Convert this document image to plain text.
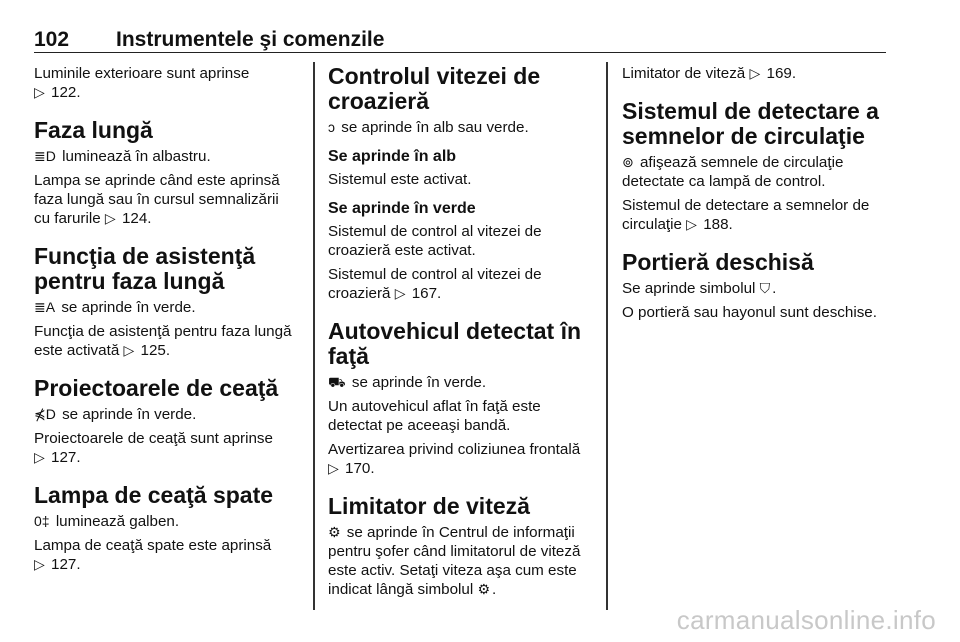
102 Instrumentele şi comenzile

Luminile exterioare sunt aprinse
▷ 122.

Faza lungă

≣D luminează în albastru.

Lampa se aprinde când este aprinsă faza lungă sau în cursul semnalizării cu farurile ▷ 124.

Funcţia de asistenţă pentru faza lungă

≣A se aprinde în verde.

Funcţia de asistenţă pentru faza lungă este activată ▷ 125.

Proiectoarele de ceaţă

⋠D se aprinde în verde.

Proiectoarele de ceaţă sunt aprinse
▷ 127.

Lampa de ceaţă spate

0‡ luminează galben.

Lampa de ceaţă spate este aprinsă
▷ 127.

Controlul vitezei de croazieră

ↄ se aprinde în alb sau verde.

Se aprinde în alb

Sistemul este activat.

Se aprinde în verde

Sistemul de control al vitezei de croazieră este activat.

Sistemul de control al vitezei de croazieră ▷ 167.

Autovehicul detectat în faţă

⛟ se aprinde în verde.

Un autovehicul aflat în faţă este detectat pe aceeaşi bandă.

Avertizarea privind coliziunea frontală
▷ 170.

Limitator de viteză

⚙ se aprinde în Centrul de informaţii pentru şofer când limitatorul de viteză este activ. Setaţi viteza aşa cum este indicat lângă simbolul ⚙ .

Limitator de viteză ▷ 169.

Sistemul de detectare a semnelor de circulaţie

⊚ afişează semnele de circulaţie detectate ca lampă de control.

Sistemul de detectare a semnelor de circulaţie ▷ 188.

Portieră deschisă

Se aprinde simbolul ⛉ .

O portieră sau hayonul sunt deschise.

carmanualsonline.info
